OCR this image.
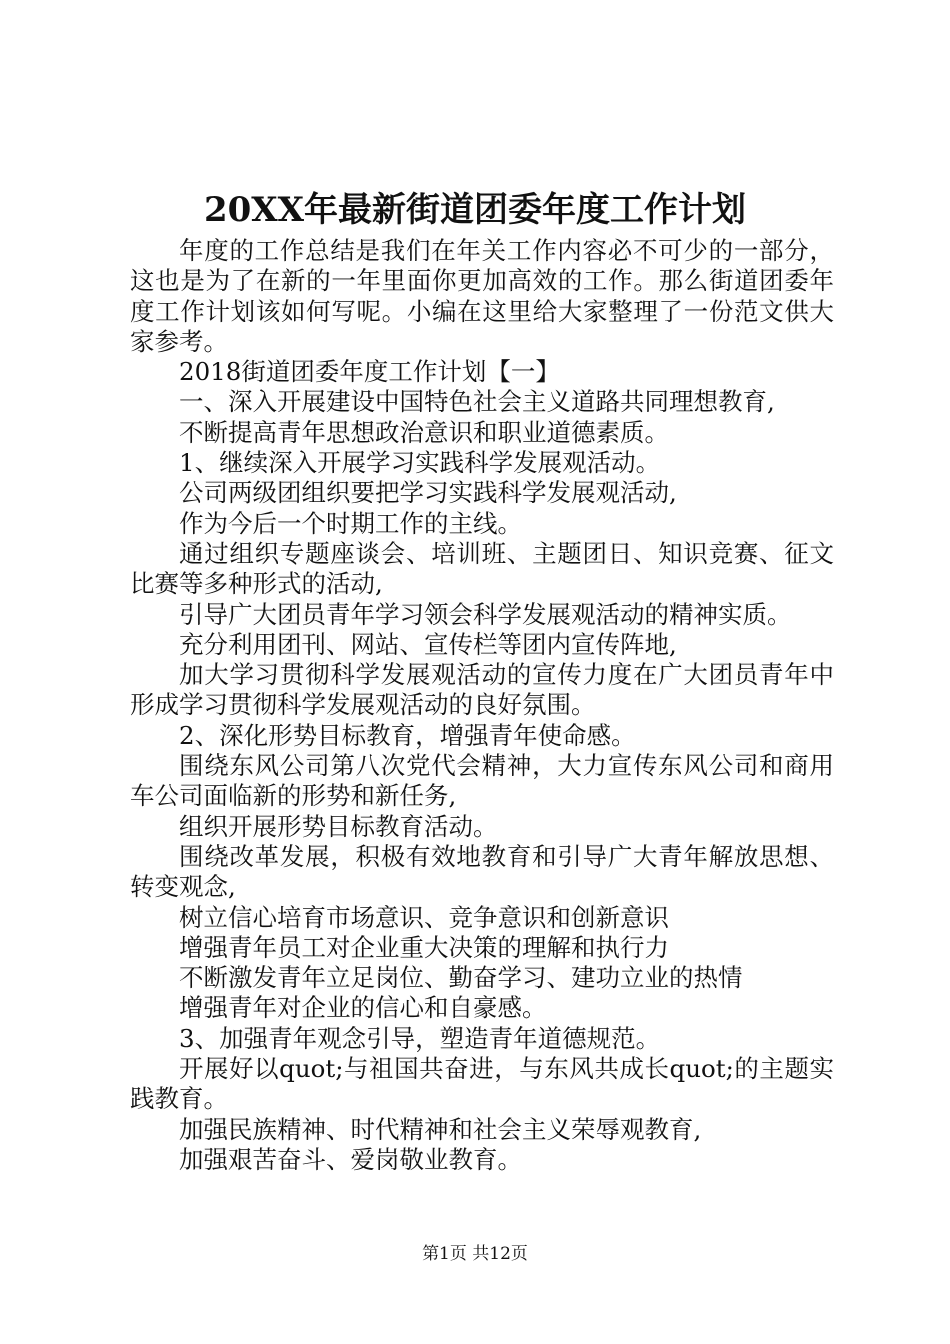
20XX年最新街道团委年度工作计划

年度的工作总结是我们在年关工作内容必不可少的一部分，这也是为了在新的一年里面你更加高效的工作。那么街道团委年度工作计划该如何写呢。小编在这里给大家整理了一份范文供大家参考。

2018街道团委年度工作计划【一】

一、深入开展建设中国特色社会主义道路共同理想教育,

不断提高青年思想政治意识和职业道德素质。

1、继续深入开展学习实践科学发展观活动。

公司两级团组织要把学习实践科学发展观活动,

作为今后一个时期工作的主线。

通过组织专题座谈会、培训班、主题团日、知识竞赛、征文比赛等多种形式的活动,

引导广大团员青年学习领会科学发展观活动的精神实质。

充分利用团刊、网站、宣传栏等团内宣传阵地,

加大学习贯彻科学发展观活动的宣传力度在广大团员青年中形成学习贯彻科学发展观活动的良好氛围。

2、深化形势目标教育，增强青年使命感。

围绕东风公司第八次党代会精神，大力宣传东风公司和商用车公司面临新的形势和新任务,

组织开展形势目标教育活动。

围绕改革发展，积极有效地教育和引导广大青年解放思想、转变观念,

树立信心培育市场意识、竞争意识和创新意识

增强青年员工对企业重大决策的理解和执行力

不断激发青年立足岗位、勤奋学习、建功立业的热情

增强青年对企业的信心和自豪感。

3、加强青年观念引导，塑造青年道德规范。

开展好以quot;与祖国共奋进，与东风共成长quot;的主题实践教育。

加强民族精神、时代精神和社会主义荣辱观教育,

加强艰苦奋斗、爱岗敬业教育。

第1页 共12页
